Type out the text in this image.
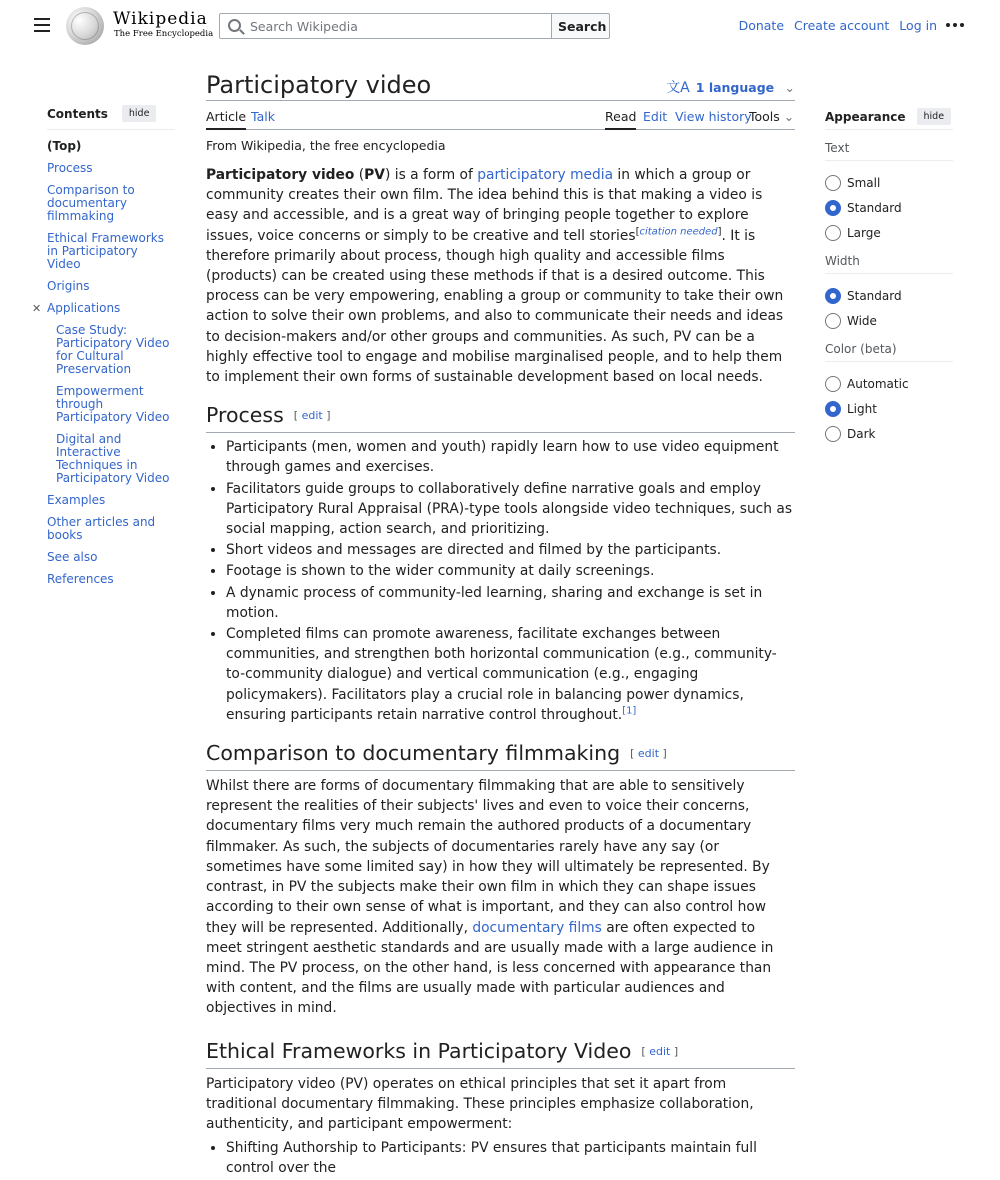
Wikipedia
The Free Encyclopedia
Search Wikipedia
Search	Donate Create account Log in
Contents	hide
(Top)
Process
Comparison to documentary filmmaking
Ethical Frameworks in Participatory Video
Origins
✕ Applications
Case Study: Participatory Video for Cultural Preservation
Empowerment through Participatory Video
Digital and Interactive Techniques in Participatory Video
Examples
Other articles and books
See also
References
Appearance	hide
Text
Small
Standard
Large
Width
Standard
Wide
Color (beta)
Automatic
Light
Dark
Participatory video	文A 1 language ⌄
Article Talk	Read Edit View history
Tools ⌄
From Wikipedia, the free encyclopedia

Participatory video (PV) is a form of participatory media in which a group or community creates their own film. The idea behind this is that making a video is easy and accessible, and is a great way of bringing people together to explore issues, voice concerns or simply to be creative and tell stories[citation needed]. It is therefore primarily about process, though high quality and accessible films (products) can be created using these methods if that is a desired outcome. This process can be very empowering, enabling a group or community to take their own action to solve their own problems, and also to communicate their needs and ideas to decision-makers and/or other groups and communities. As such, PV can be a highly effective tool to engage and mobilise marginalised people, and to help them to implement their own forms of sustainable development based on local needs.

Process [ edit ]
• Participants (men, women and youth) rapidly learn how to use video equipment through games and exercises.
• Facilitators guide groups to collaboratively define narrative goals and employ Participatory Rural Appraisal (PRA)-type tools alongside video techniques, such as social mapping, action search, and prioritizing.
• Short videos and messages are directed and filmed by the participants.
• Footage is shown to the wider community at daily screenings.
• A dynamic process of community-led learning, sharing and exchange is set in motion.
• Completed films can promote awareness, facilitate exchanges between communities, and strengthen both horizontal communication (e.g., community-to-community dialogue) and vertical communication (e.g., engaging policymakers). Facilitators play a crucial role in balancing power dynamics, ensuring participants retain narrative control throughout.[1]
Comparison to documentary filmmaking [ edit ]

Whilst there are forms of documentary filmmaking that are able to sensitively represent the realities of their subjects' lives and even to voice their concerns, documentary films very much remain the authored products of a documentary filmmaker. As such, the subjects of documentaries rarely have any say (or sometimes have some limited say) in how they will ultimately be represented. By contrast, in PV the subjects make their own film in which they can shape issues according to their own sense of what is important, and they can also control how they will be represented. Additionally, documentary films are often expected to meet stringent aesthetic standards and are usually made with a large audience in mind. The PV process, on the other hand, is less concerned with appearance than with content, and the films are usually made with particular audiences and objectives in mind.

Ethical Frameworks in Participatory Video [ edit ]

Participatory video (PV) operates on ethical principles that set it apart from traditional documentary filmmaking. These principles emphasize collaboration, authenticity, and participant empowerment:

• Shifting Authorship to Participants: PV ensures that participants maintain full control over the
